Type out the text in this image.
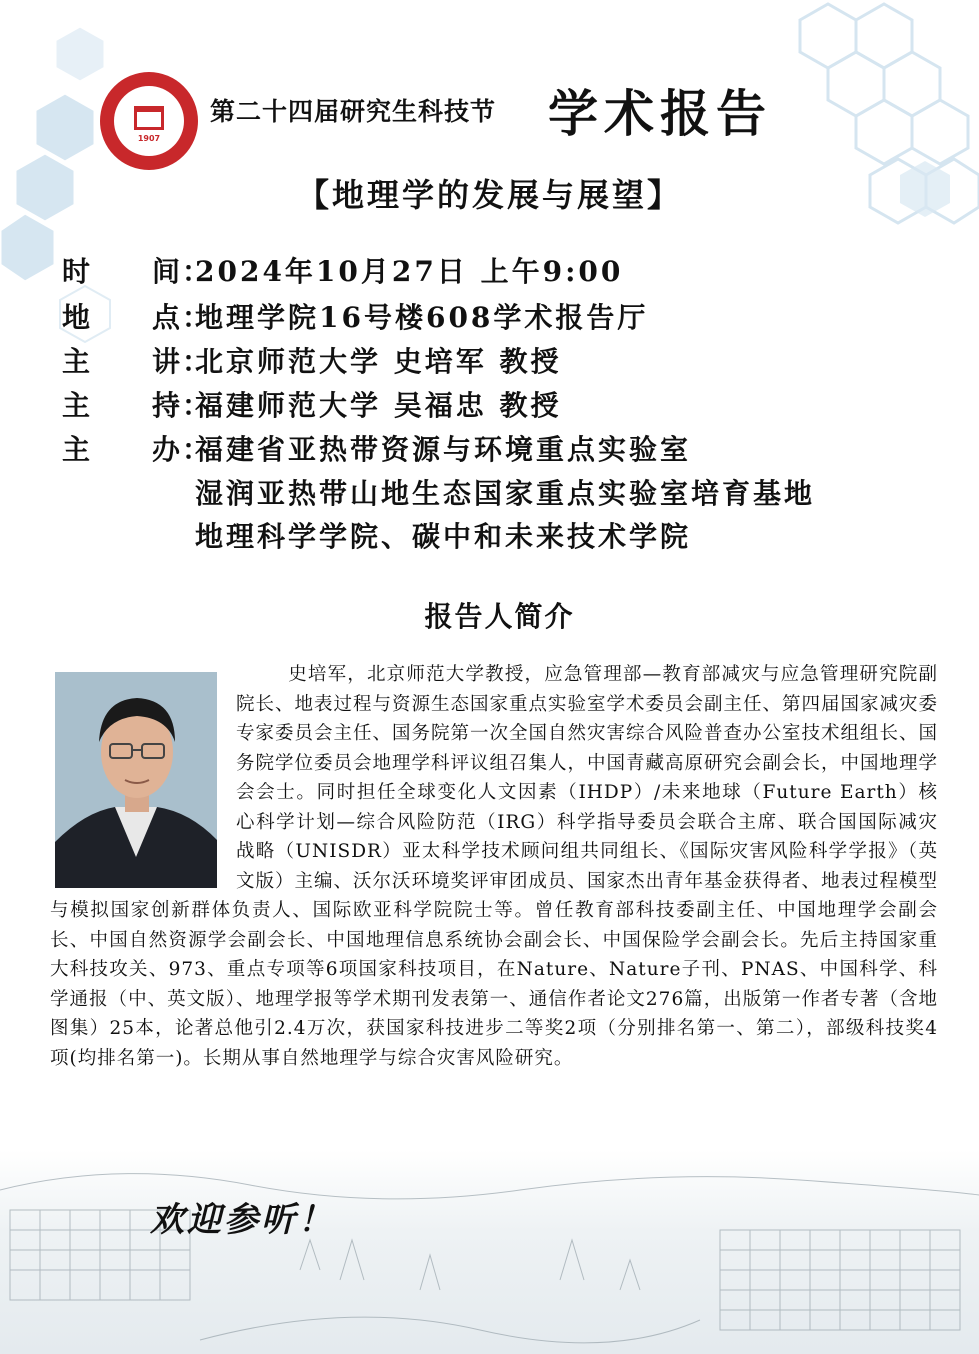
1907
第二十四届研究生科技节 学术报告
【地理学的发展与展望】
时　　间：
2024年10月27日 上午9:00
地　　点：
地理学院16号楼608学术报告厅
主　　讲：
北京师范大学 史培军 教授
主　　持：
福建师范大学 吴福忠 教授
主　　办：
福建省亚热带资源与环境重点实验室
湿润亚热带山地生态国家重点实验室培育基地
地理科学学院、碳中和未来技术学院
报告人简介
史培军，北京师范大学教授，应急管理部—教育部减灾与应急管理研究院副院长、地表过程与资源生态国家重点实验室学术委员会副主任、第四届国家减灾委专家委员会主任、国务院第一次全国自然灾害综合风险普查办公室技术组组长、国务院学位委员会地理学科评议组召集人，中国青藏高原研究会副会长，中国地理学会会士。同时担任全球变化人文因素（IHDP）/未来地球（Future Earth）核心科学计划—综合风险防范（IRG）科学指导委员会联合主席、联合国国际减灾战略（UNISDR）亚太科学技术顾问组共同组长、《国际灾害风险科学学报》（英文版）主编、沃尔沃环境奖评审团成员、国家杰出青年基金获得者、地表过程模型与模拟国家创新群体负责人、国际欧亚科学院院士等。曾任教育部科技委副主任、中国地理学会副会长、中国自然资源学会副会长、中国地理信息系统协会副会长、中国保险学会副会长。先后主持国家重大科技攻关、973、重点专项等6项国家科技项目，在Nature、Nature子刊、PNAS、中国科学、科学通报（中、英文版）、地理学报等学术期刊发表第一、通信作者论文276篇，出版第一作者专著（含地图集）25本，论著总他引2.4万次，获国家科技进步二等奖2项（分别排名第一、第二），部级科技奖4项(均排名第一)。长期从事自然地理学与综合灾害风险研究。
欢迎参听！
